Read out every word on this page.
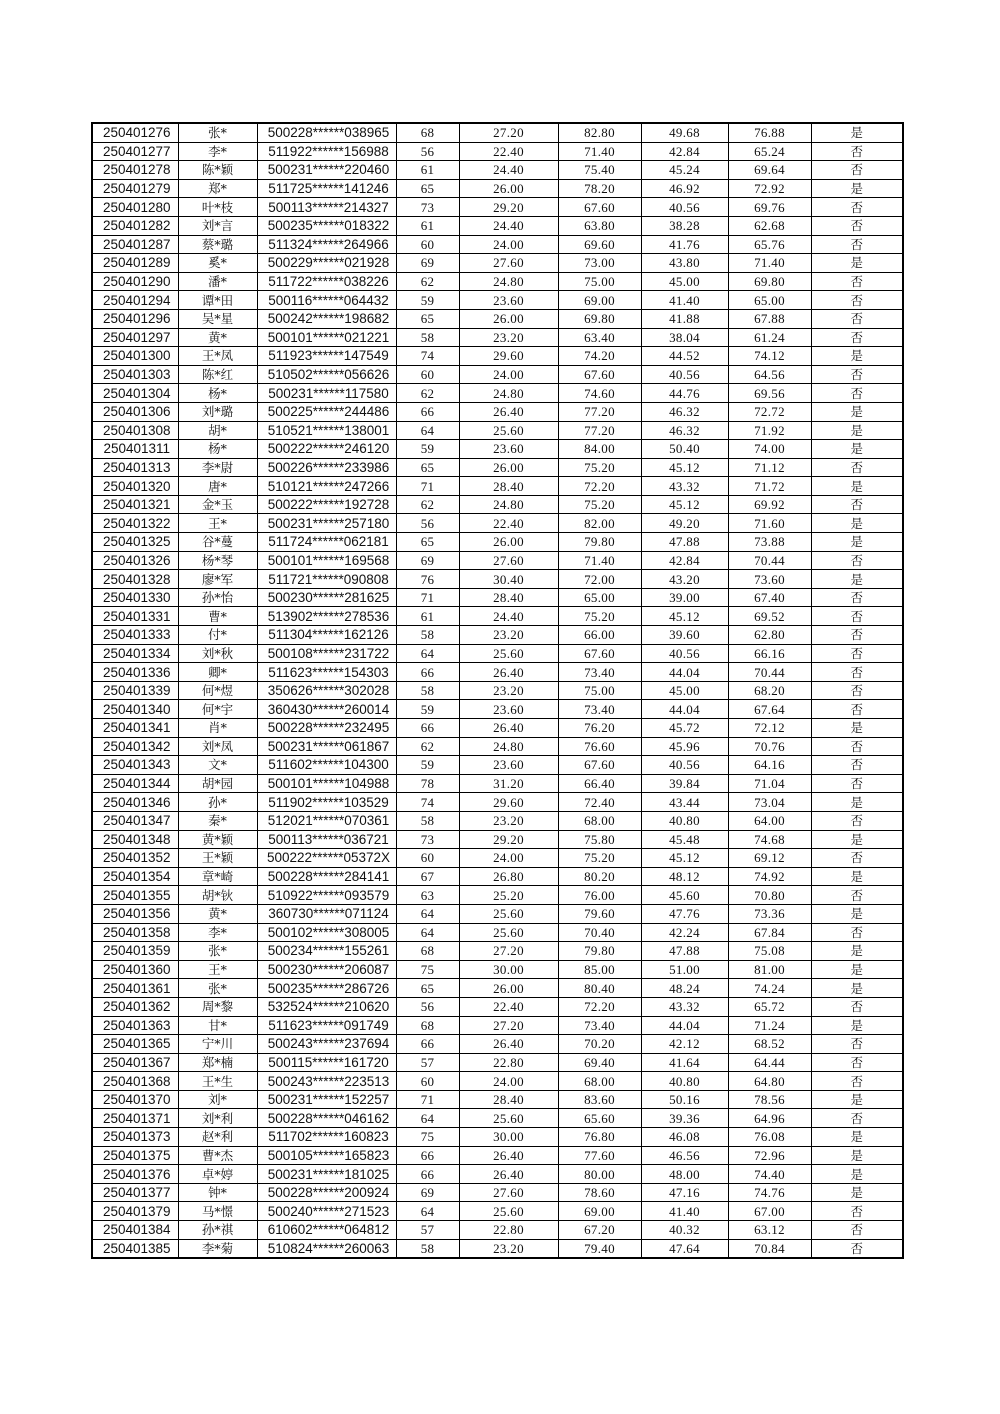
250401276	张*	500228******038965	68	27.20	82.80	49.68	76.88	是
250401277	李*	511922******156988	56	22.40	71.40	42.84	65.24	否
250401278	陈*颖	500231******220460	61	24.40	75.40	45.24	69.64	否
250401279	郑*	511725******141246	65	26.00	78.20	46.92	72.92	是
250401280	叶*枝	500113******214327	73	29.20	67.60	40.56	69.76	否
250401282	刘*言	500235******018322	61	24.40	63.80	38.28	62.68	否
250401287	蔡*璐	511324******264966	60	24.00	69.60	41.76	65.76	否
250401289	奚*	500229******021928	69	27.60	73.00	43.80	71.40	是
250401290	潘*	511722******038226	62	24.80	75.00	45.00	69.80	否
250401294	谭*田	500116******064432	59	23.60	69.00	41.40	65.00	否
250401296	吴*星	500242******198682	65	26.00	69.80	41.88	67.88	否
250401297	黄*	500101******021221	58	23.20	63.40	38.04	61.24	否
250401300	王*凤	511923******147549	74	29.60	74.20	44.52	74.12	是
250401303	陈*红	510502******056626	60	24.00	67.60	40.56	64.56	否
250401304	杨*	500231******117580	62	24.80	74.60	44.76	69.56	否
250401306	刘*璐	500225******244486	66	26.40	77.20	46.32	72.72	是
250401308	胡*	510521******138001	64	25.60	77.20	46.32	71.92	是
250401311	杨*	500222******246120	59	23.60	84.00	50.40	74.00	是
250401313	李*尉	500226******233986	65	26.00	75.20	45.12	71.12	否
250401320	唐*	510121******247266	71	28.40	72.20	43.32	71.72	是
250401321	金*玉	500222******192728	62	24.80	75.20	45.12	69.92	否
250401322	王*	500231******257180	56	22.40	82.00	49.20	71.60	是
250401325	谷*蔓	511724******062181	65	26.00	79.80	47.88	73.88	是
250401326	杨*琴	500101******169568	69	27.60	71.40	42.84	70.44	否
250401328	廖*军	511721******090808	76	30.40	72.00	43.20	73.60	是
250401330	孙*怡	500230******281625	71	28.40	65.00	39.00	67.40	否
250401331	曹*	513902******278536	61	24.40	75.20	45.12	69.52	否
250401333	付*	511304******162126	58	23.20	66.00	39.60	62.80	否
250401334	刘*秋	500108******231722	64	25.60	67.60	40.56	66.16	否
250401336	卿*	511623******154303	66	26.40	73.40	44.04	70.44	否
250401339	何*煜	350626******302028	58	23.20	75.00	45.00	68.20	否
250401340	何*宇	360430******260014	59	23.60	73.40	44.04	67.64	否
250401341	肖*	500228******232495	66	26.40	76.20	45.72	72.12	是
250401342	刘*凤	500231******061867	62	24.80	76.60	45.96	70.76	否
250401343	文*	511602******104300	59	23.60	67.60	40.56	64.16	否
250401344	胡*园	500101******104988	78	31.20	66.40	39.84	71.04	否
250401346	孙*	511902******103529	74	29.60	72.40	43.44	73.04	是
250401347	秦*	512021******070361	58	23.20	68.00	40.80	64.00	否
250401348	黄*颖	500113******036721	73	29.20	75.80	45.48	74.68	是
250401352	王*颖	500222******05372X	60	24.00	75.20	45.12	69.12	否
250401354	章*崎	500228******284141	67	26.80	80.20	48.12	74.92	是
250401355	胡*钬	510922******093579	63	25.20	76.00	45.60	70.80	否
250401356	黄*	360730******071124	64	25.60	79.60	47.76	73.36	是
250401358	李*	500102******308005	64	25.60	70.40	42.24	67.84	否
250401359	张*	500234******155261	68	27.20	79.80	47.88	75.08	是
250401360	王*	500230******206087	75	30.00	85.00	51.00	81.00	是
250401361	张*	500235******286726	65	26.00	80.40	48.24	74.24	是
250401362	周*黎	532524******210620	56	22.40	72.20	43.32	65.72	否
250401363	甘*	511623******091749	68	27.20	73.40	44.04	71.24	是
250401365	宁*川	500243******237694	66	26.40	70.20	42.12	68.52	否
250401367	郑*楠	500115******161720	57	22.80	69.40	41.64	64.44	否
250401368	王*生	500243******223513	60	24.00	68.00	40.80	64.80	否
250401370	刘*	500231******152257	71	28.40	83.60	50.16	78.56	是
250401371	刘*利	500228******046162	64	25.60	65.60	39.36	64.96	否
250401373	赵*利	511702******160823	75	30.00	76.80	46.08	76.08	是
250401375	曹*杰	500105******165823	66	26.40	77.60	46.56	72.96	是
250401376	卓*婷	500231******181025	66	26.40	80.00	48.00	74.40	是
250401377	钟*	500228******200924	69	27.60	78.60	47.16	74.76	是
250401379	马*憬	500240******271523	64	25.60	69.00	41.40	67.00	否
250401384	孙*祺	610602******064812	57	22.80	67.20	40.32	63.12	否
250401385	李*菊	510824******260063	58	23.20	79.40	47.64	70.84	否
